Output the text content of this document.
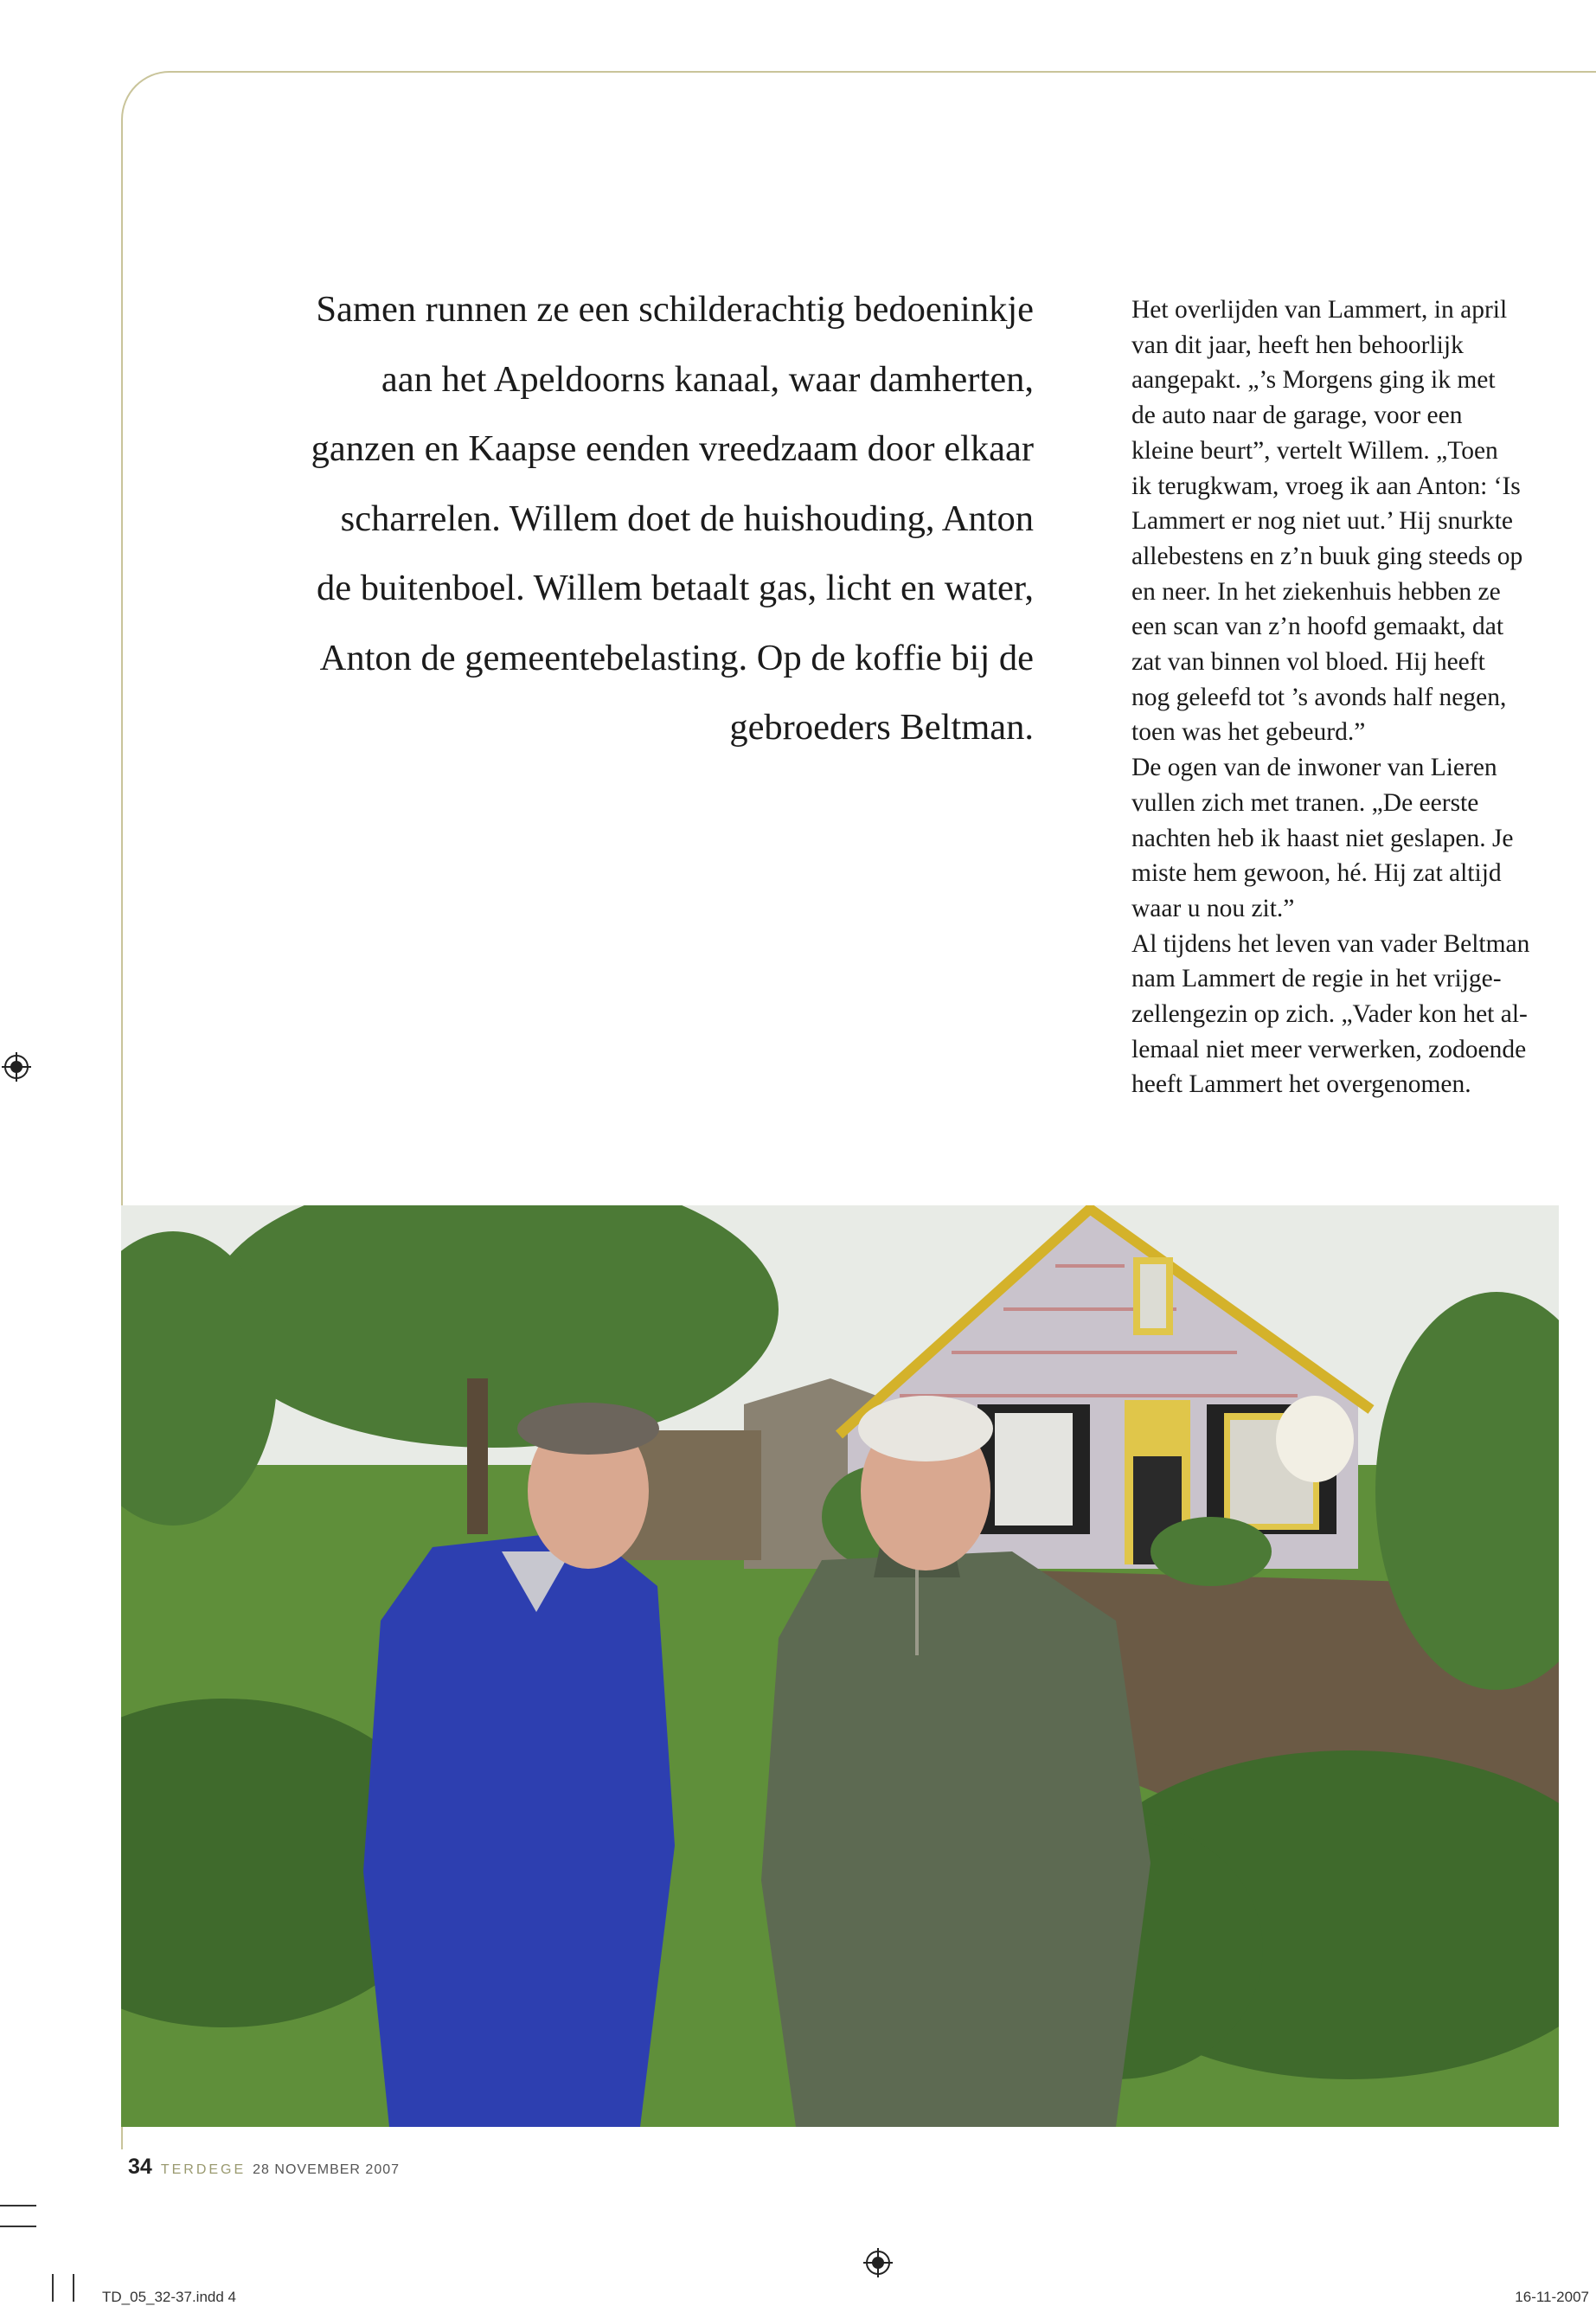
Samen runnen ze een schilderachtig bedoeninkje
aan het Apeldoorns kanaal, waar damherten,
ganzen en Kaapse eenden vreedzaam door elkaar
scharrelen. Willem doet de huishouding, Anton
de buitenboel. Willem betaalt gas, licht en water,
Anton de gemeentebelasting. Op de koffie bij de
gebroeders Beltman.

Het overlijden van Lammert, in april
van dit jaar, heeft hen behoorlijk
aangepakt. „’s Morgens ging ik met
de auto naar de garage, voor een
kleine beurt”, vertelt Willem. „Toen
ik terugkwam, vroeg ik aan Anton: ‘Is
Lammert er nog niet uut.’ Hij snurkte
allebestens en z’n buuk ging steeds op
en neer. In het ziekenhuis hebben ze
een scan van z’n hoofd gemaakt, dat
zat van binnen vol bloed. Hij heeft
nog geleefd tot ’s avonds half negen,
toen was het gebeurd.”

De ogen van de inwoner van Lieren
vullen zich met tranen. „De eerste
nachten heb ik haast niet geslapen. Je
miste hem gewoon, hé. Hij zat altijd
waar u nou zit.”

Al tijdens het leven van vader Beltman
nam Lammert de regie in het vrijge-
zellengezin op zich. „Vader kon het al-
lemaal niet meer verwerken, zodoende
heeft Lammert het overgenomen.

34 TERDEGE 28 NOVEMBER 2007
TD_05_32-37.indd 4	16-11-2007
